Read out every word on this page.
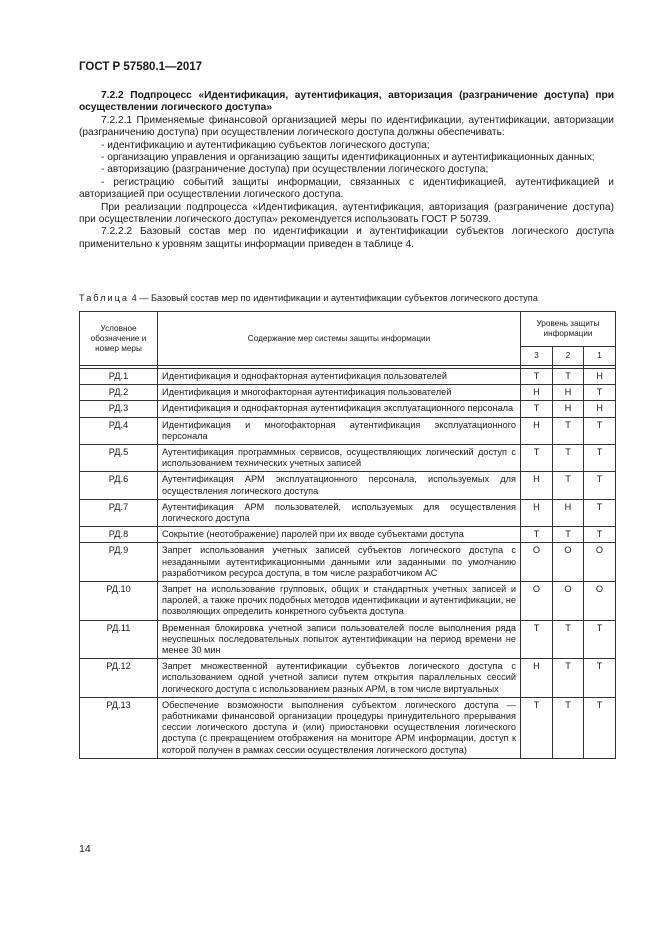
ГОСТ Р 57580.1—2017

7.2.2 Подпроцесс «Идентификация, аутентификация, авторизация (разграничение доступа) при осуществлении логического доступа»

7.2.2.1 Применяемые финансовой организацией меры по идентификации, аутентификации, авторизации (разграничению доступа) при осуществлении логического доступа должны обеспечивать:

- идентификацию и аутентификацию субъектов логического доступа;

- организацию управления и организацию защиты идентификационных и аутентификационных данных;

- авторизацию (разграничение доступа) при осуществлении логического доступа;

- регистрацию событий защиты информации, связанных с идентификацией, аутентификацией и авторизацией при осуществлении логического доступа.

При реализации подпроцесса «Идентификация, аутентификация, авторизация (разграничение доступа) при осуществлении логического доступа» рекомендуется использовать ГОСТ Р 50739.

7.2.2.2 Базовый состав мер по идентификации и аутентификации субъектов логического доступа применительно к уровням защиты информации приведен в таблице 4.

Таблица 4 — Базовый состав мер по идентификации и аутентификации субъектов логического доступа
Условное обозначение и номер меры	Содержание мер системы защиты информации	Уровень защиты информации		
		3	2	1

РД.1	Идентификация и однофакторная аутентификация пользователей	Т	Т	Н
РД.2	Идентификация и многофакторная аутентификация пользователей	Н	Н	Т
РД.3	Идентификация и однофакторная аутентификация эксплуатационного персонала	Т	Н	Н
РД.4	Идентификация и многофакторная аутентификация эксплуатационного персонала	Н	Т	Т
РД.5	Аутентификация программных сервисов, осуществляющих логический доступ с использованием технических учетных записей	Т	Т	Т
РД.6	Аутентификация АРМ эксплуатационного персонала, используемых для осуществления логического доступа	Н	Т	Т
РД.7	Аутентификация АРМ пользователей, используемых для осуществления логического доступа	Н	Н	Т
РД.8	Сокрытие (неотображение) паролей при их вводе субъектами доступа	Т	Т	Т
РД.9	Запрет использования учетных записей субъектов логического доступа с незаданными аутентификационными данными или заданными по умолчанию разработчиком ресурса доступа, в том числе разработчиком АС	О	О	О
РД.10	Запрет на использование групповых, общих и стандартных учетных записей и паролей, а также прочих подобных методов идентификации и аутентификации, не позволяющих определить конкретного субъекта доступа	О	О	О
РД.11	Временная блокировка учетной записи пользователей после выполнения ряда неуспешных последовательных попыток аутентификации на период времени не менее 30 мин	Т	Т	Т
РД.12	Запрет множественной аутентификации субъектов логического доступа с использованием одной учетной записи путем открытия параллельных сессий логического доступа с использованием разных АРМ, в том числе виртуальных	Н	Т	Т
РД.13	Обеспечение возможности выполнения субъектом логического доступа — работниками финансовой организации процедуры принудительного прерывания сессии логического доступа и (или) приостановки осуществления логического доступа (с прекращением отображения на мониторе АРМ информации, доступ к которой получен в рамках сессии осуществления логического доступа)	Т	Т	Т
14
